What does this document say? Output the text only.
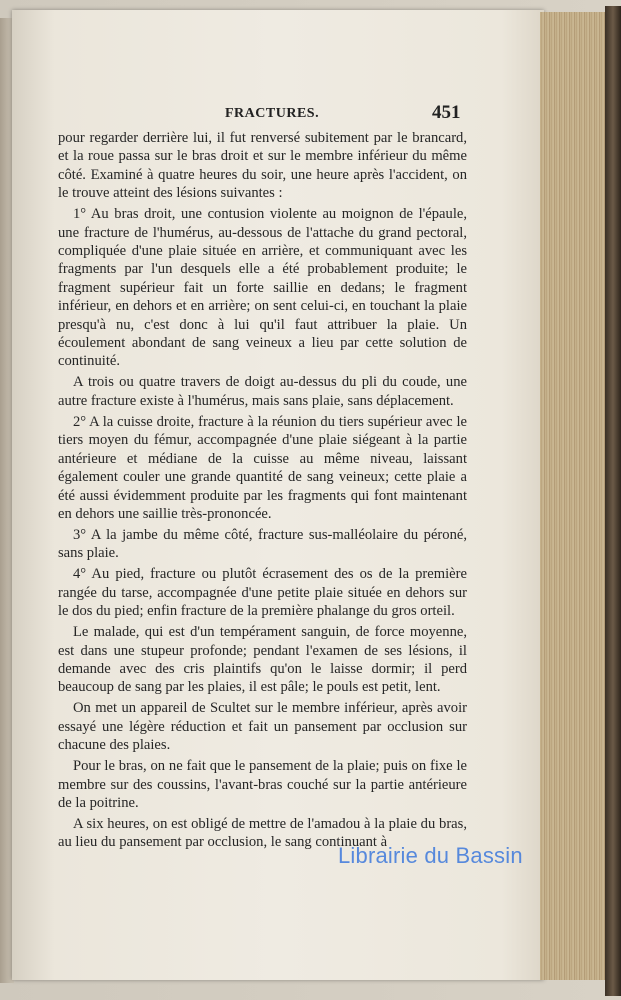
FRACTURES.	451

pour regarder derrière lui, il fut renversé subitement par le brancard, et la roue passa sur le bras droit et sur le membre inférieur du même côté. Examiné à quatre heures du soir, une heure après l'accident, on le trouve atteint des lésions suivantes :

1° Au bras droit, une contusion violente au moignon de l'épaule, une fracture de l'humérus, au-dessous de l'attache du grand pectoral, compliquée d'une plaie située en arrière, et communiquant avec les fragments par l'un desquels elle a été probablement produite; le fragment supérieur fait un forte saillie en dedans; le fragment inférieur, en dehors et en arrière; on sent celui-ci, en touchant la plaie presqu'à nu, c'est donc à lui qu'il faut attribuer la plaie. Un écoulement abondant de sang veineux a lieu par cette solution de continuité.

A trois ou quatre travers de doigt au-dessus du pli du coude, une autre fracture existe à l'humérus, mais sans plaie, sans déplacement.

2° A la cuisse droite, fracture à la réunion du tiers supérieur avec le tiers moyen du fémur, accompagnée d'une plaie siégeant à la partie antérieure et médiane de la cuisse au même niveau, laissant également couler une grande quantité de sang veineux; cette plaie a été aussi évidemment produite par les fragments qui font maintenant en dehors une saillie très-prononcée.

3° A la jambe du même côté, fracture sus-malléolaire du péroné, sans plaie.

4° Au pied, fracture ou plutôt écrasement des os de la première rangée du tarse, accompagnée d'une petite plaie située en dehors sur le dos du pied; enfin fracture de la première phalange du gros orteil.

Le malade, qui est d'un tempérament sanguin, de force moyenne, est dans une stupeur profonde; pendant l'examen de ses lésions, il demande avec des cris plaintifs qu'on le laisse dormir; il perd beaucoup de sang par les plaies, il est pâle; le pouls est petit, lent.

On met un appareil de Scultet sur le membre inférieur, après avoir essayé une légère réduction et fait un pansement par occlusion sur chacune des plaies.

Pour le bras, on ne fait que le pansement de la plaie; puis on fixe le membre sur des coussins, l'avant-bras couché sur la partie antérieure de la poitrine.

A six heures, on est obligé de mettre de l'amadou à la plaie du bras, au lieu du pansement par occlusion, le sang continuant à

Librairie du Bassin
